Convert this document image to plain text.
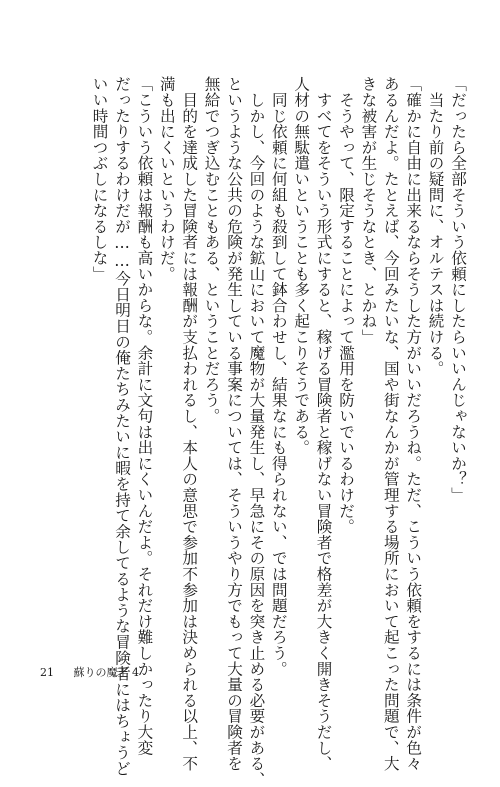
「だったら全部そういう依頼にしたらいいんじゃないか？」
　当たり前の疑問に、オルテスは続ける。
「確かに自由に出来るならそうした方がいいだろうね。ただ、こういう依頼をするには条件が色々
あるんだよ。たとえば、今回みたいな、国や街なんかが管理する場所において起こった問題で、大
きな被害が生じそうなとき、とかね」
　そうやって、限定することによって濫用を防いでいるわけだ。
　すべてをそういう形式にすると、稼げる冒険者と稼げない冒険者で格差が大きく開きそうだし、
人材の無駄遣いということも多く起こりそうである。
　同じ依頼に何組も殺到して鉢合わせし、結果なにも得られない、では問題だろう。
　しかし、今回のような鉱山において魔物が大量発生し、早急にその原因を突き止める必要がある、
というような公共の危険が発生している事案については、そういうやり方でもって大量の冒険者を
無給でつぎ込むこともある、ということだろう。
　目的を達成した冒険者には報酬が支払われるし、本人の意思で参加不参加は決められる以上、不
満も出にくいというわけだ。
「こういう依頼は報酬も高いからな。余計に文句は出にくいんだよ。それだけ難しかったり大変
だったりするわけだが……今日明日の俺たちみたいに暇を持て余してるような冒険者にはちょうど
いい時間つぶしになるしな」
21 蘇りの魔王 4
